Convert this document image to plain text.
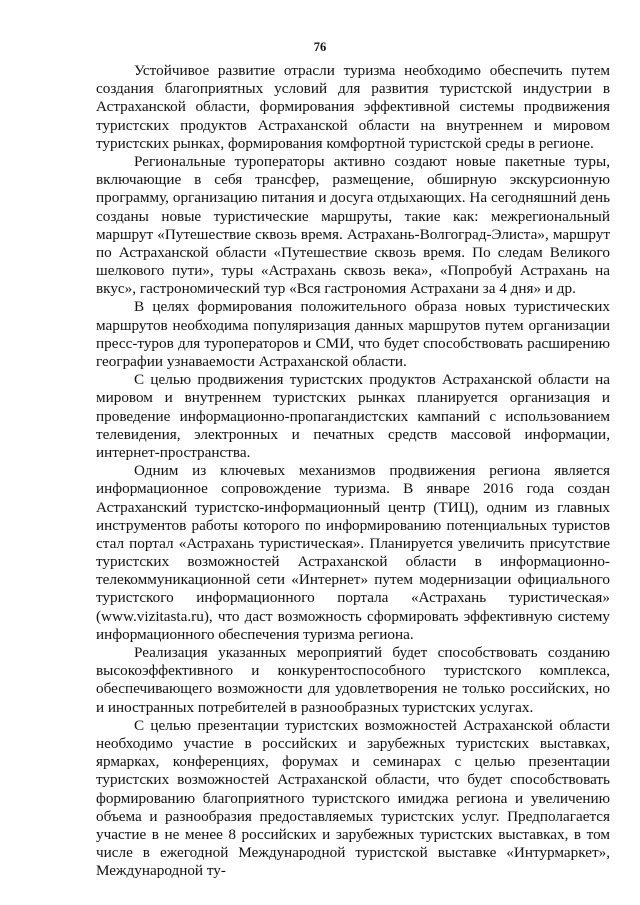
76

Устойчивое развитие отрасли туризма необходимо обеспечить путем создания благоприятных условий для развития туристской индустрии в Астраханской области, формирования эффективной системы продвижения туристских продуктов Астраханской области на внутреннем и мировом туристских рынках, формирования комфортной туристской среды в регионе.

Региональные туроператоры активно создают новые пакетные туры, включающие в себя трансфер, размещение, обширную экскурсионную программу, организацию питания и досуга отдыхающих. На сегодняшний день созданы новые туристические маршруты, такие как: межрегиональный маршрут «Путешествие сквозь время. Астрахань-Волгоград-Элиста», маршрут по Астраханской области «Путешествие сквозь время. По следам Великого шелкового пути», туры «Астрахань сквозь века», «Попробуй Астрахань на вкус», гастрономический тур «Вся гастрономия Астрахани за 4 дня» и др.

В целях формирования положительного образа новых туристических маршрутов необходима популяризация данных маршрутов путем организации пресс-туров для туроператоров и СМИ, что будет способствовать расширению географии узнаваемости Астраханской области.

С целью продвижения туристских продуктов Астраханской области на мировом и внутреннем туристских рынках планируется организация и проведение информационно-пропагандистских кампаний с использованием телевидения, электронных и печатных средств массовой информации, интернет-пространства.

Одним из ключевых механизмов продвижения региона является информационное сопровождение туризма. В январе 2016 года создан Астраханский туристско-информационный центр (ТИЦ), одним из главных инструментов работы которого по информированию потенциальных туристов стал портал «Астрахань туристическая». Планируется увеличить присутствие туристских возможностей Астраханской области в информационно-телекоммуникационной сети «Интернет» путем модернизации официального туристского информационного портала «Астрахань туристическая» (www.vizitasta.ru), что даст возможность сформировать эффективную систему информационного обеспечения туризма региона.

Реализация указанных мероприятий будет способствовать созданию высокоэффективного и конкурентоспособного туристского комплекса, обеспечивающего возможности для удовлетворения не только российских, но и иностранных потребителей в разнообразных туристских услугах.

С целью презентации туристских возможностей Астраханской области необходимо участие в российских и зарубежных туристских выставках, ярмарках, конференциях, форумах и семинарах с целью презентации туристских возможностей Астраханской области, что будет способствовать формированию благоприятного туристского имиджа региона и увеличению объема и разнообразия предоставляемых туристских услуг. Предполагается участие в не менее 8 российских и зарубежных туристских выставках, в том числе в ежегодной Международной туристской выставке «Интурмаркет», Международной ту-
